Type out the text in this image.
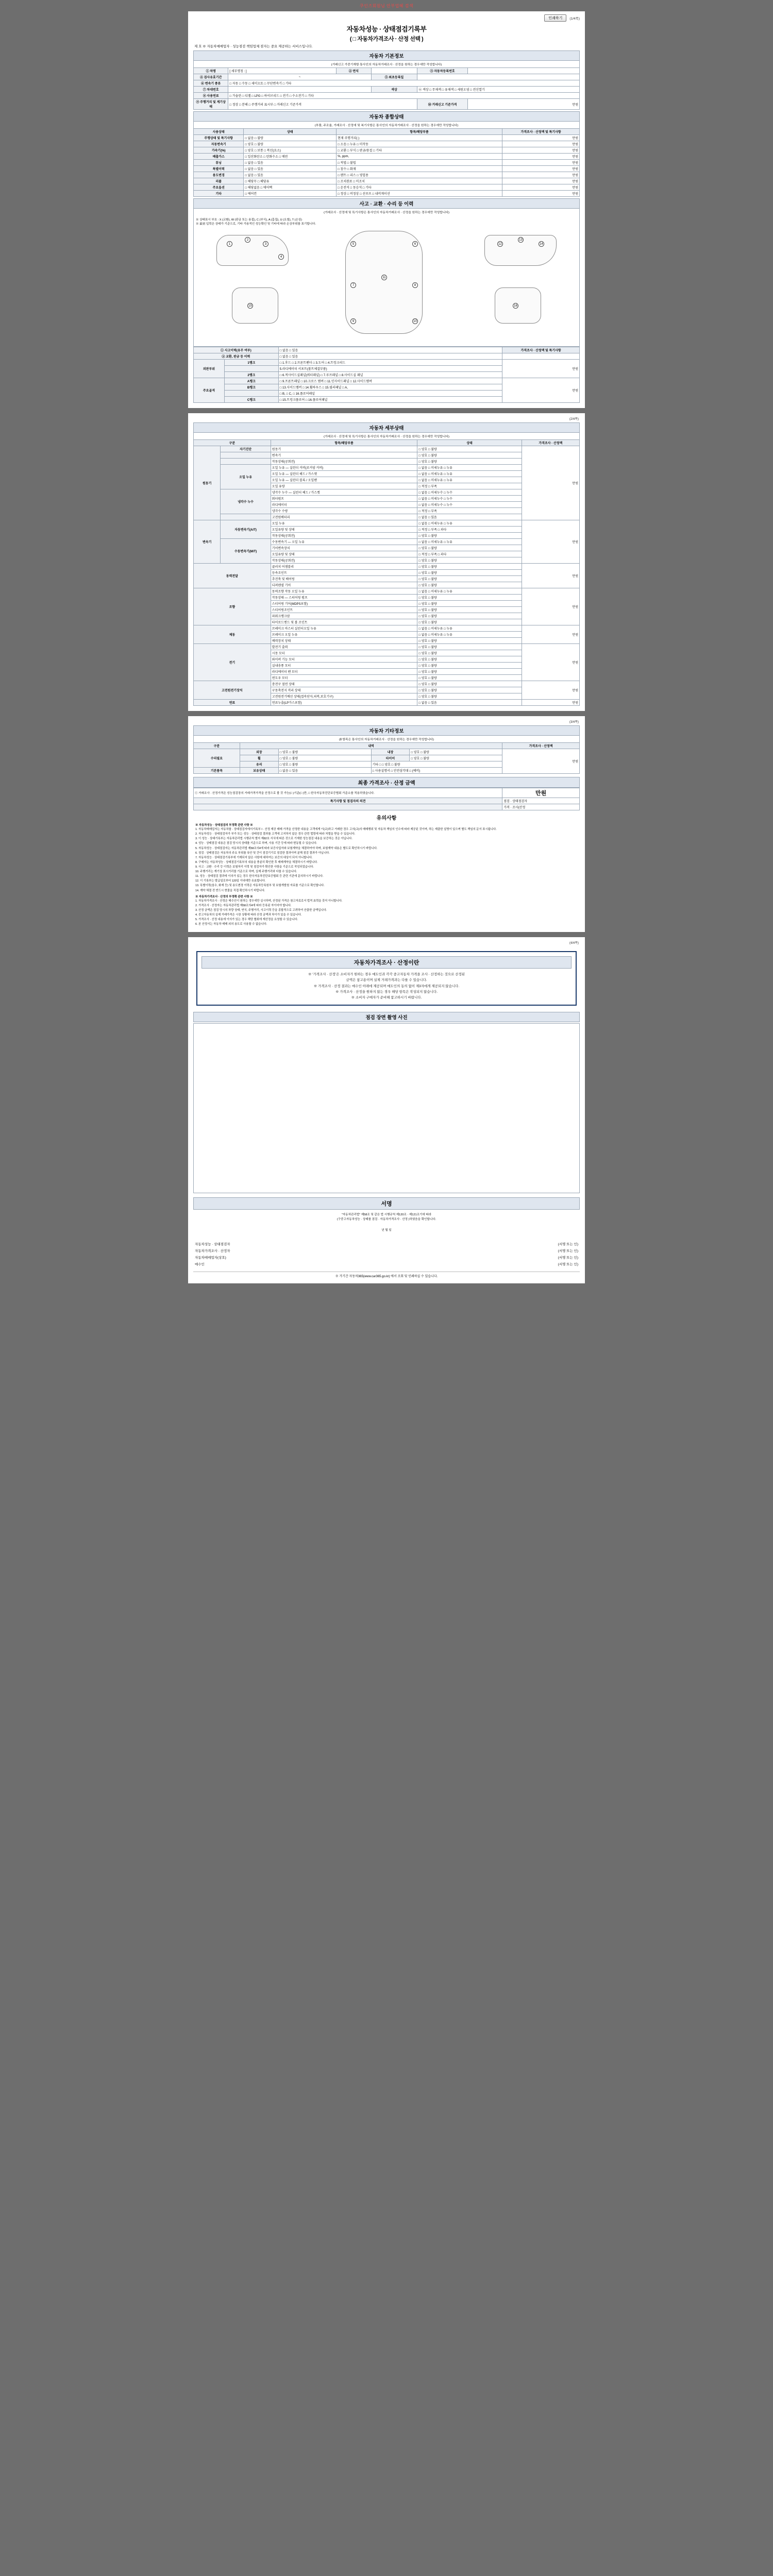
쿠인즈회원님 안부업혜 검색
인쇄하기	(1/4쪽)
자동차성능 · 상태점검기록부
( □ 자동차가격조사 · 산정 선택 )
제 호 ※ 자동차매매업자 · 성능점검 책임업체 점자는 중요 제공하는 서비스입니다.
자동차 기본정보
(거래신고 가중기재항 통사인의 자동차거래조사 · 산정을 원하는 경우에만 작성합니다)
① 차명	[ 세부명칭 : ]	② 연식		③ 자동차등록번호	
④ 검사유효기간	~		⑤ 최초등록일		
⑥ 변속기 종류	□ 자동 □ 수동 □ 세미오토 □ 무단변속기 □ 기타				
⑦ 차대번호			색상	⑥ 색상 □ 무채색 □ 유채색 □ 세원오염 □ 전신열기	
⑧ 사용연료	□ 가솔린 □ 디젤 □ LPG □ 하이브리드 □ 전기 □ 수소전기 □ 기타				
⑨ 주행거리 및 계기상태	□ 정상 □ 분해 □ 주행거리 표시부 □ 거래신고 기준가격			⑩ 거래신고 기준가격	만원
자동차 종합상태
(부품, 주조율, 거래조사 · 산정에 및 복기사항은 통사인의 자동차거래조사 · 산정을 원하는 경우에만 작성합니다)
사용상태	상태	항목/해당부품	가격조사 · 산정액 및 특기사항
주행상태 및 특기사항	□ 없음 □ 불량	현재 주행거리( )	만원
자동변속기	□ 양호 □ 불량	□ 소음 □ 누유 □ 미작동	만원
가속기(%)	□ 양호 □ 보통 □ 복선(요소)	□ 교환 □ 부식 □ 판금/용접 □ 기타	만원
배출가스	□ 일산화탄소 □ 탄화수소 □ 매연	%, ppm,	만원
튜닝	□ 없음 □ 있음	□ 적법 □ 불법	만원
특별이력	□ 없음 □ 있음	□ 침수 □ 화재	만원
용도변경	□ 없음 □ 있음	□ 렌트 □ 리스 □ 영업용	만원
리콜	□ 해당무 □ 해당유	□ 조치완료 □ 미조치	만원
주요옵션	□ 해당없음 □ 에어백	□ 운전석 □ 동승석 □ 기타	만원
기타	□ 에어컨	□ 정상 □ 비정상 □ 선루프 □ 내비게이션	만원
사고 · 교환 · 수리 등 이력
(거래조사 · 산정에 및 특기사항은 통사인의 자동차거래조사 · 산정을 원하는 경우에만 작성합니다)
※ 상태표시 부호 : X (교환), W (판금 또는 용접), C (부식), A (흠집), U (요철), T (손상)
※ 最初 입력은 상태가 기준으로, 기타 가용적인 성능확인 및 기타에 따라 손상부위를 표기합니다.
1
2
3
4
5	6
7	8
9	10
11
12
13
14
15	16
① 사고이력(유무 여부)		□ 없음 □ 있음	가격조사 · 산정액 및 특기사항
② 교환, 판금 등 이력		□ 없음 □ 있음	
외판부위	1랭크	□ 1.후드 □ 2.프론트펜더 □ 3.도어 □ 4.트렁크리드	만원
		5.라디에이터 서포트(볼트체결부품)	
	2랭크	□ 6.적사이드실패널(쿼터패널) □ 7.루프패널 □ 8.사이드실 패널	
주요골격	A랭크	□ 9.프론트패널 □ 10.크로스 멤버 □ 11.인사이드패널 □ 12.사이드멤버	만원
	B랭크	□ 13.사이드멤버 □ 14.휠하우스 □ 15.필러패널 □ A,	
		□ B, □ C, □ 16.플로어패널	
	C랭크	□ 15.트렁크플로어 □ 16.플로어패널	
(2/4쪽)
자동차 세부상태
(거래조사 · 산정에 및 특기사항은 통사인의 자동차거래조사 · 산정을 원하는 경우에만 작성합니다)
구분		항목/해당부품	상태	가격조사 · 산정액
원동기	자기진단	원동기	□ 양호 □ 불량	만원
		변속기	□ 양호 □ 불량	
		작동상태(공회전)	□ 양호 □ 불량	
	오일 누유	오일 누유 — 실린더 커버(로커암 커버)	□ 없음 □ 미세누유 □ 누유	
		오일 누유 — 실린더 헤드 / 가스켓	□ 없음 □ 미세누유 □ 누유	
		오일 누유 — 실린더 블록 / 오일팬	□ 없음 □ 미세누유 □ 누유	
		오일 유량	□ 적정 □ 부족	
	냉각수 누수	냉각수 누수 — 실린더 헤드 / 가스켓	□ 없음 □ 미세누수 □ 누수	
		워터펌프	□ 없음 □ 미세누수 □ 누수	
		라디에이터	□ 없음 □ 미세누수 □ 누수	
		냉각수 수량	□ 적정 □ 부족	
		고전원배터리	□ 없음 □ 있음	
변속기	자동변속기(A/T)	오일 누유	□ 없음 □ 미세누유 □ 누유	만원
		오일유량 및 상태	□ 적정 □ 부족 □ 과다	
		작동상태(공회전)	□ 양호 □ 불량	
	수동변속기(M/T)	수동변속기 — 오일 누유	□ 없음 □ 미세누유 □ 누유	
		기어변속장치	□ 양호 □ 불량	
		오일유량 및 상태	□ 적정 □ 부족 □ 과다	
		작동상태(공회전)	□ 양호 □ 불량	
동력전달		클러치 어셈블리	□ 양호 □ 불량	만원
		등속조인트	□ 양호 □ 불량	
		추진축 및 베어링	□ 양호 □ 불량	
		디퍼렌셜 기어	□ 양호 □ 불량	
조향		동력조향 작동 오일 누유	□ 없음 □ 미세누유 □ 누유	만원
		작동상태 — 스티어링 펌프	□ 양호 □ 불량	
		스티어링 기어(MDPS포함)	□ 양호 □ 불량	
		스티어링조인트	□ 양호 □ 불량	
		파워크랭크암	□ 양호 □ 불량	
		타이로드엔드 및 볼 조인트	□ 양호 □ 불량	
제동		브레이크 마스터 실린더오일 누유	□ 없음 □ 미세누유 □ 누유	만원
		브레이크 오일 누유	□ 없음 □ 미세누유 □ 누유	
		배력장치 상태	□ 양호 □ 불량	
전기		발전기 출력	□ 양호 □ 불량	만원
		시동 모터	□ 양호 □ 불량	
		와이퍼 기능 모터	□ 양호 □ 불량	
		실내송풍 모터	□ 양호 □ 불량	
		라디에이터 팬 모터	□ 양호 □ 불량	
		윈도우 모터	□ 양호 □ 불량	
고전원전기장치		충전구 절연 상태	□ 양호 □ 불량	만원
		구동축전지 격리 상태	□ 양호 □ 불량	
		고전원전기배선 상태(접속단자,피복,보호기구)	□ 양호 □ 불량	
연료		연료누출(LP가스포함)	□ 없음 □ 있음	만원
(3/4쪽)
자동차 기타정보
(Ⅱ 항목은 통사인의 자동차거래조사 · 산정을 원하는 경우에만 작성합니다)
구분	내역				가격조사 · 산정액
수리필요	외장	□ 양호 □ 불량	내장	□ 양호 □ 불량	만원
	휠	□ 양호 □ 불량	타이어	□ 양호 □ 불량	
	유리	□ 양호 □ 불량	기타 □ □ 양호 □ 불량		
기본품목	보유상태	□ 없음 □ 있음	□ 사용설명서 □ 안전삼각대 □ (예비)		
최종 가격조사 · 산정 금액
① 거래조사 · 산정가격은 성능점검장의 거래가격가격을 산정으로 볼 것 가능(□ )기준(□ )만, □ 한국자동차진단보증협회 가준소를 적용하였습니다.	만원
특기사항 및 점검자의 의견	점검 · 상태점검자
	가격 · 조사(산정
유의사항
※ 자동차성능 · 상태점검의 부정확 관련 사항 ※

1. 자동차매매업자는 자동차를 · 상태점검자에서기록부 I · 산정 제공 매매 가격을 산정한 내용을 고객에게 이(교)하고 거래한 경우 고의(교)의 매매행위 및 자동차 책임의 인수에 따라 제공된 것이며, 하는 제출한 설명이 있으며 별도 책임의 문서 표시됩니다.

2. 자동차성능 · 상태점검자가 부가 또는 성능 · 상태점검 결과를 고객에 고지하지 않은 경우 관련 법령에 따라 처벌을 받을 수 있습니다.

3. 이 성능 · 상태기록부는 자동차관리법 시행규칙 별지 제82호 서식에 따른 것으로 기재한 성능점검 내용을 보증하는 것은 아닙니다.

4. 성능 · 상태점검 내용은 점검 당시의 상태를 기준으로 하며, 사용 기간 등에 따라 변동될 수 있습니다.

5. 자동차성능 · 상태점검자는 자동차관리법 제58조의4에 따라 보증사업자와 보험계약을 체결하여야 하며, 보험계약 내용은 별도로 확인하시기 바랍니다.

6. 점검 · 상태점검은 자동차의 주요 부위를 육안 및 간이 점검기기로 점검한 결과이며 분해 점검 결과가 아닙니다.

7. 자동차성능 · 상태점검기록부에 기재되지 않은 사항에 대하여는 보증의 대상이 되지 아니합니다.

8. 구매자는 자동차성능 · 상태점검기록부의 내용을 충분히 확인한 후 매매계약을 체결하시기 바랍니다.

9. 사고 · 교환 · 수리 등 이력은 보험처리 이력 및 점검자가 확인한 사항을 기준으로 작성되었습니다.

10. 주행거리는 계기상 표시거리를 기준으로 하며, 실제 주행거리와 다를 수 있습니다.

11. 성능 · 상태점검 결과에 이의가 있는 경우 한국자동차진단보증협회 등 관련 기관에 문의하시기 바랍니다.

12. 이 기록부는 발급일로부터 120일 이내에만 유효합니다.

13. 특별이력(침수, 화재 등) 및 용도변경 이력은 자동차등록원부 및 보험개발원 자료를 기준으로 확인합니다.

14. 계약 체결 전 반드시 현물을 직접 확인하시기 바랍니다.

※ 자동차가격조사 · 산정의 부정확 관련 사항 ※

1. 자동차가격조사 · 산정은 매수인이 원하는 경우에만 실시하며, 산정된 가격은 참고자료로서 법적 효력을 갖지 아니합니다.

2. 가격조사 · 산정자는 자동차관리법 제58조의4에 따라 등록된 자이어야 합니다.

3. 산정 금액은 점검 당시의 차량 상태, 연식, 주행거리, 사고이력 등을 종합적으로 고려하여 산출한 금액입니다.

4. 중고자동차의 실제 거래가격은 시장 상황에 따라 산정 금액과 차이가 있을 수 있습니다.

5. 가격조사 · 산정 내용에 이의가 있는 경우 해당 협회에 재산정을 요청할 수 있습니다.

6. 본 산정서는 자동차 매매 외의 용도로 사용할 수 없습니다.

(4/4쪽)
자동차가격조사 · 산정이란
※ '가격조사 · 산정'은 소비자가 원하는 경우 매도인과 각각 중고자동차 가격을 조사 · 산정하는 것으로 산정된
금액은 참고용이며 실제 거래가격과는 다를 수 있습니다.
※ 가격조사 · 산정 결과는 매수인 아래에 제공되며 매도인의 동의 없이 제3자에게 제공되지 않습니다.
※ 가격조사 · 산정을 원하지 않는 경우 해당 항목은 작성되지 않습니다.
※ 소비자 구매자가 준비해 참고하시기 바랍니다.
점검 장면 촬영 사진
서명
"자동차관리법" 제58조 및 같은 법 시행규칙 제120조 · 제121조기에 따라
(구중고자동차성능 · 상태를 점검 · 자동차가격조사 · 산정 )하였음을 확인합니다.
년 월 일
자동차성능 · 상태점검자		(서명 또는 인)
자동차가격조사 · 산정자		(서명 또는 인)
자동차매매업자(상호)		(서명 또는 인)
매수인		(서명 또는 인)
※ 가기간 자동차365(www.car365.go.kr) 에서 조회 및 인쇄하실 수 있습니다.
